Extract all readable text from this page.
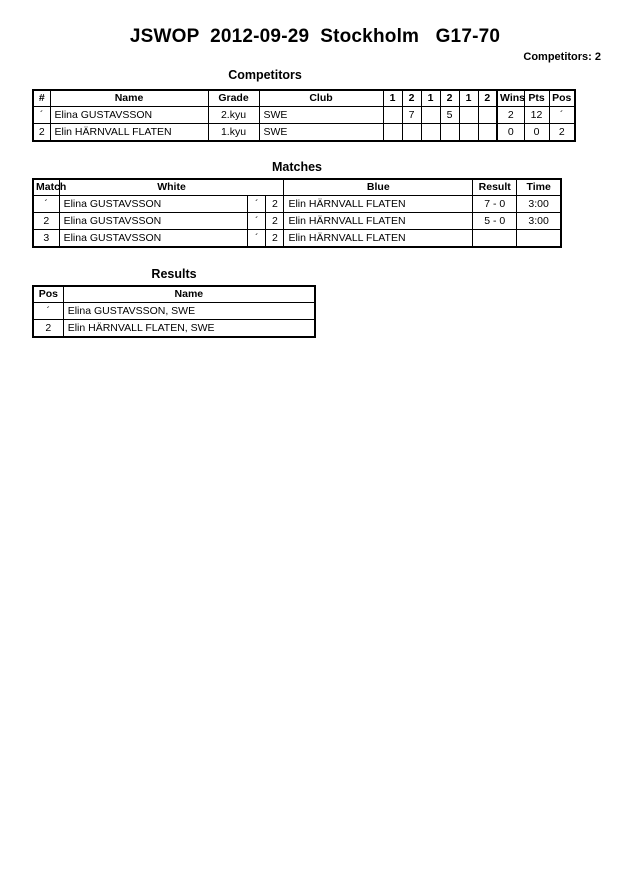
JSWOP  2012-09-29  Stockholm   G17-70
Competitors: 2
Competitors
#	Name	Grade	Club	1	2	1	2	1	2	Wins	Pts	Pos
´	Elina GUSTAVSSON	2.kyu	SWE		7		5			2	12	´
2	Elin HÄRNVALL FLATEN	1.kyu	SWE							0	0	2
Matches
Match	White			Blue	Result	Time
´	Elina GUSTAVSSON	´	2	Elin HÄRNVALL FLATEN	7 - 0	3:00
2	Elina GUSTAVSSON	´	2	Elin HÄRNVALL FLATEN	5 - 0	3:00
3	Elina GUSTAVSSON	´	2	Elin HÄRNVALL FLATEN		
Results
Pos	Name
´	Elina GUSTAVSSON, SWE
2	Elin HÄRNVALL FLATEN, SWE
